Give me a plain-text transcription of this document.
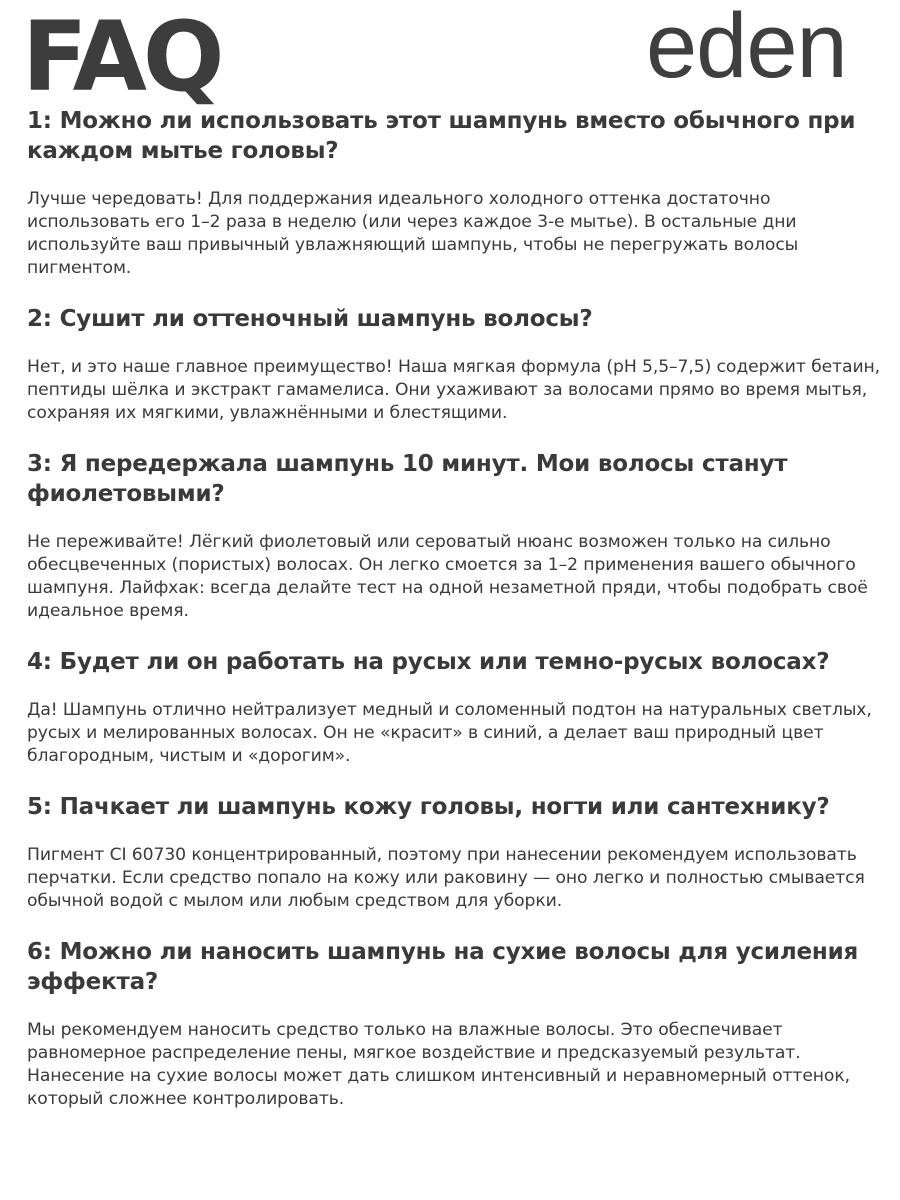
FAQ	eden
1: Можно ли использовать этот шампунь вместо обычного при каждом мытье головы?

Лучше чередовать! Для поддержания идеального холодного оттенка достаточно использовать его 1–2 раза в неделю (или через каждое 3-е мытье). В остальные дни используйте ваш привычный увлажняющий шампунь, чтобы не перегружать волосы пигментом.

2: Сушит ли оттеночный шампунь волосы?

Нет, и это наше главное преимущество! Наша мягкая формула (pH 5,5–7,5) содержит бетаин, пептиды шёлка и экстракт гамамелиса. Они ухаживают за волосами прямо во время мытья, сохраняя их мягкими, увлажнёнными и блестящими.

3: Я передержала шампунь 10 минут. Мои волосы станут фиолетовыми?

Не переживайте! Лёгкий фиолетовый или сероватый нюанс возможен только на сильно обесцвеченных (пористых) волосах. Он легко смоется за 1–2 применения вашего обычного шампуня. Лайфхак: всегда делайте тест на одной незаметной пряди, чтобы подобрать своё идеальное время.

4: Будет ли он работать на русых или темно-русых волосах?

Да! Шампунь отлично нейтрализует медный и соломенный подтон на натуральных светлых, русых и мелированных волосах. Он не «красит» в синий, а делает ваш природный цвет благородным, чистым и «дорогим».

5: Пачкает ли шампунь кожу головы, ногти или сантехнику?

Пигмент CI 60730 концентрированный, поэтому при нанесении рекомендуем использовать перчатки. Если средство попало на кожу или раковину — оно легко и полностью смывается обычной водой с мылом или любым средством для уборки.

6: Можно ли наносить шампунь на сухие волосы для усиления эффекта?

Мы рекомендуем наносить средство только на влажные волосы. Это обеспечивает равномерное распределение пены, мягкое воздействие и предсказуемый результат. Нанесение на сухие волосы может дать слишком интенсивный и неравномерный оттенок, который сложнее контролировать.
